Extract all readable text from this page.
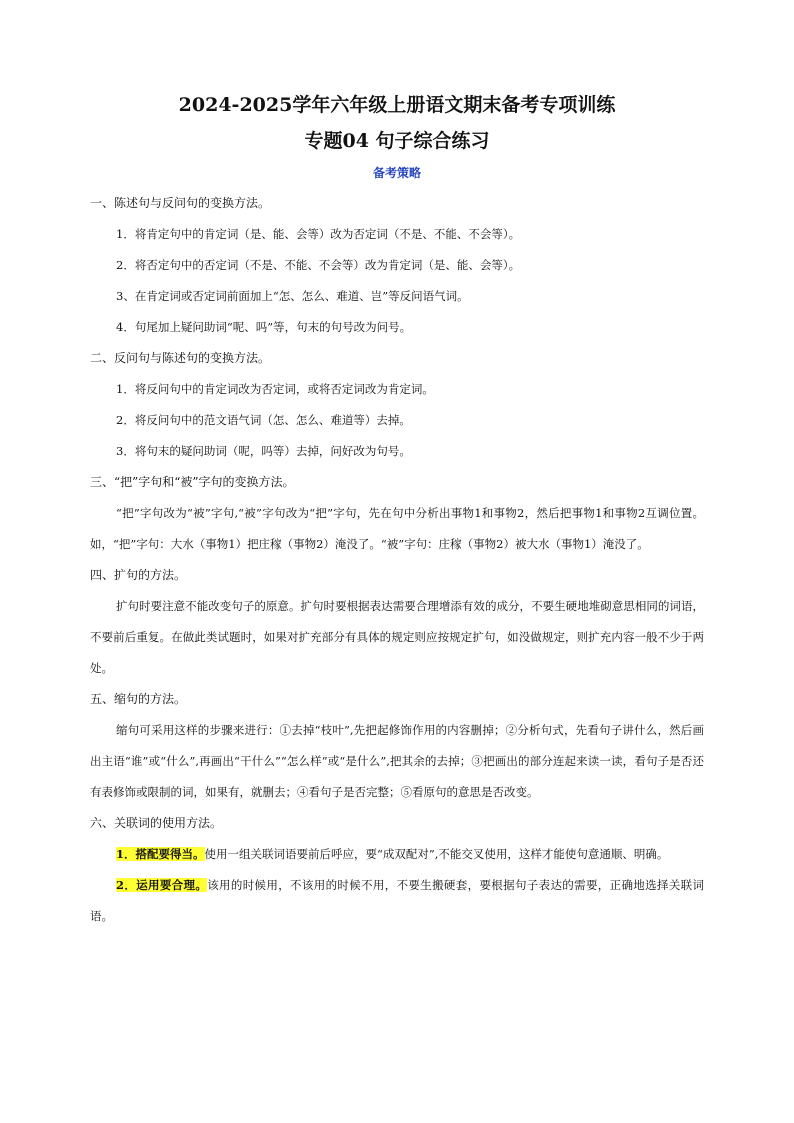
2024-2025学年六年级上册语文期末备考专项训练

专题04 句子综合练习

备考策略

一、陈述句与反问句的变换方法。

1．将肯定句中的肯定词（是、能、会等）改为否定词（不是、不能、不会等）。

2．将否定句中的否定词（不是、不能、不会等）改为肯定词（是、能、会等）。

3、在肯定词或否定词前面加上“怎、怎么、难道、岂”等反问语气词。

4．句尾加上疑问助词“呢、吗”等，句末的句号改为问号。

二、反问句与陈述句的变换方法。

1．将反问句中的肯定词改为否定词，或将否定词改为肯定词。

2．将反问句中的范文语气词（怎、怎么、难道等）去掉。

3．将句末的疑问助词（呢，吗等）去掉，问好改为句号。

三、“把”字句和“被”字句的变换方法。

“把”字句改为“被”字句,“被”字句改为“把”字句，先在句中分析出事物1和事物2，然后把事物1和事物2互调位置。如，“把”字句：大水（事物1）把庄稼（事物2）淹没了。“被”字句：庄稼（事物2）被大水（事物1）淹没了。

四、扩句的方法。

扩句时要注意不能改变句子的原意。扩句时要根据表达需要合理增添有效的成分，不要生硬地堆砌意思相同的词语，不要前后重复。在做此类试题时，如果对扩充部分有具体的规定则应按规定扩句，如没做规定，则扩充内容一般不少于两处。

五、缩句的方法。

缩句可采用这样的步骤来进行：①去掉“枝叶”,先把起修饰作用的内容删掉；②分析句式，先看句子讲什么，然后画出主语“谁”或“什么”,再画出“干什么”“怎么样”或“是什么”,把其余的去掉；③把画出的部分连起来读一读，看句子是否还有表修饰或限制的词，如果有，就删去；④看句子是否完整；⑤看原句的意思是否改变。

六、关联词的使用方法。

1．搭配要得当。使用一组关联词语要前后呼应，要“成双配对”,不能交叉使用，这样才能使句意通顺、明确。

2．运用要合理。该用的时候用，不该用的时候不用，不要生搬硬套，要根据句子表达的需要，正确地选择关联词语。
